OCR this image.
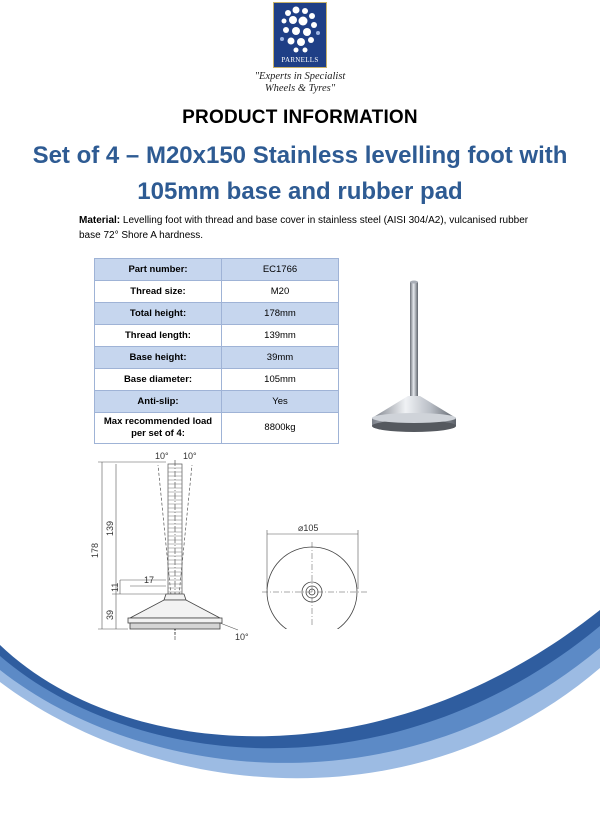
PARNELLS
"Experts in Specialist
Wheels & Tyres"
PRODUCT INFORMATION
Set of 4 – M20x150 Stainless levelling foot with 105mm base and rubber pad
Material: Levelling foot with thread and base cover in stainless steel (AISI 304/A2), vulcanised rubber base 72° Shore A hardness.
Part number:	EC1766
Thread size:	M20
Total height:	178mm
Thread length:	139mm
Base height:	39mm
Base diameter:	105mm
Anti-slip:	Yes
Max recommended load per set of 4:	8800kg
10° 10°
178
139
39
11
17
10°
⌀105
